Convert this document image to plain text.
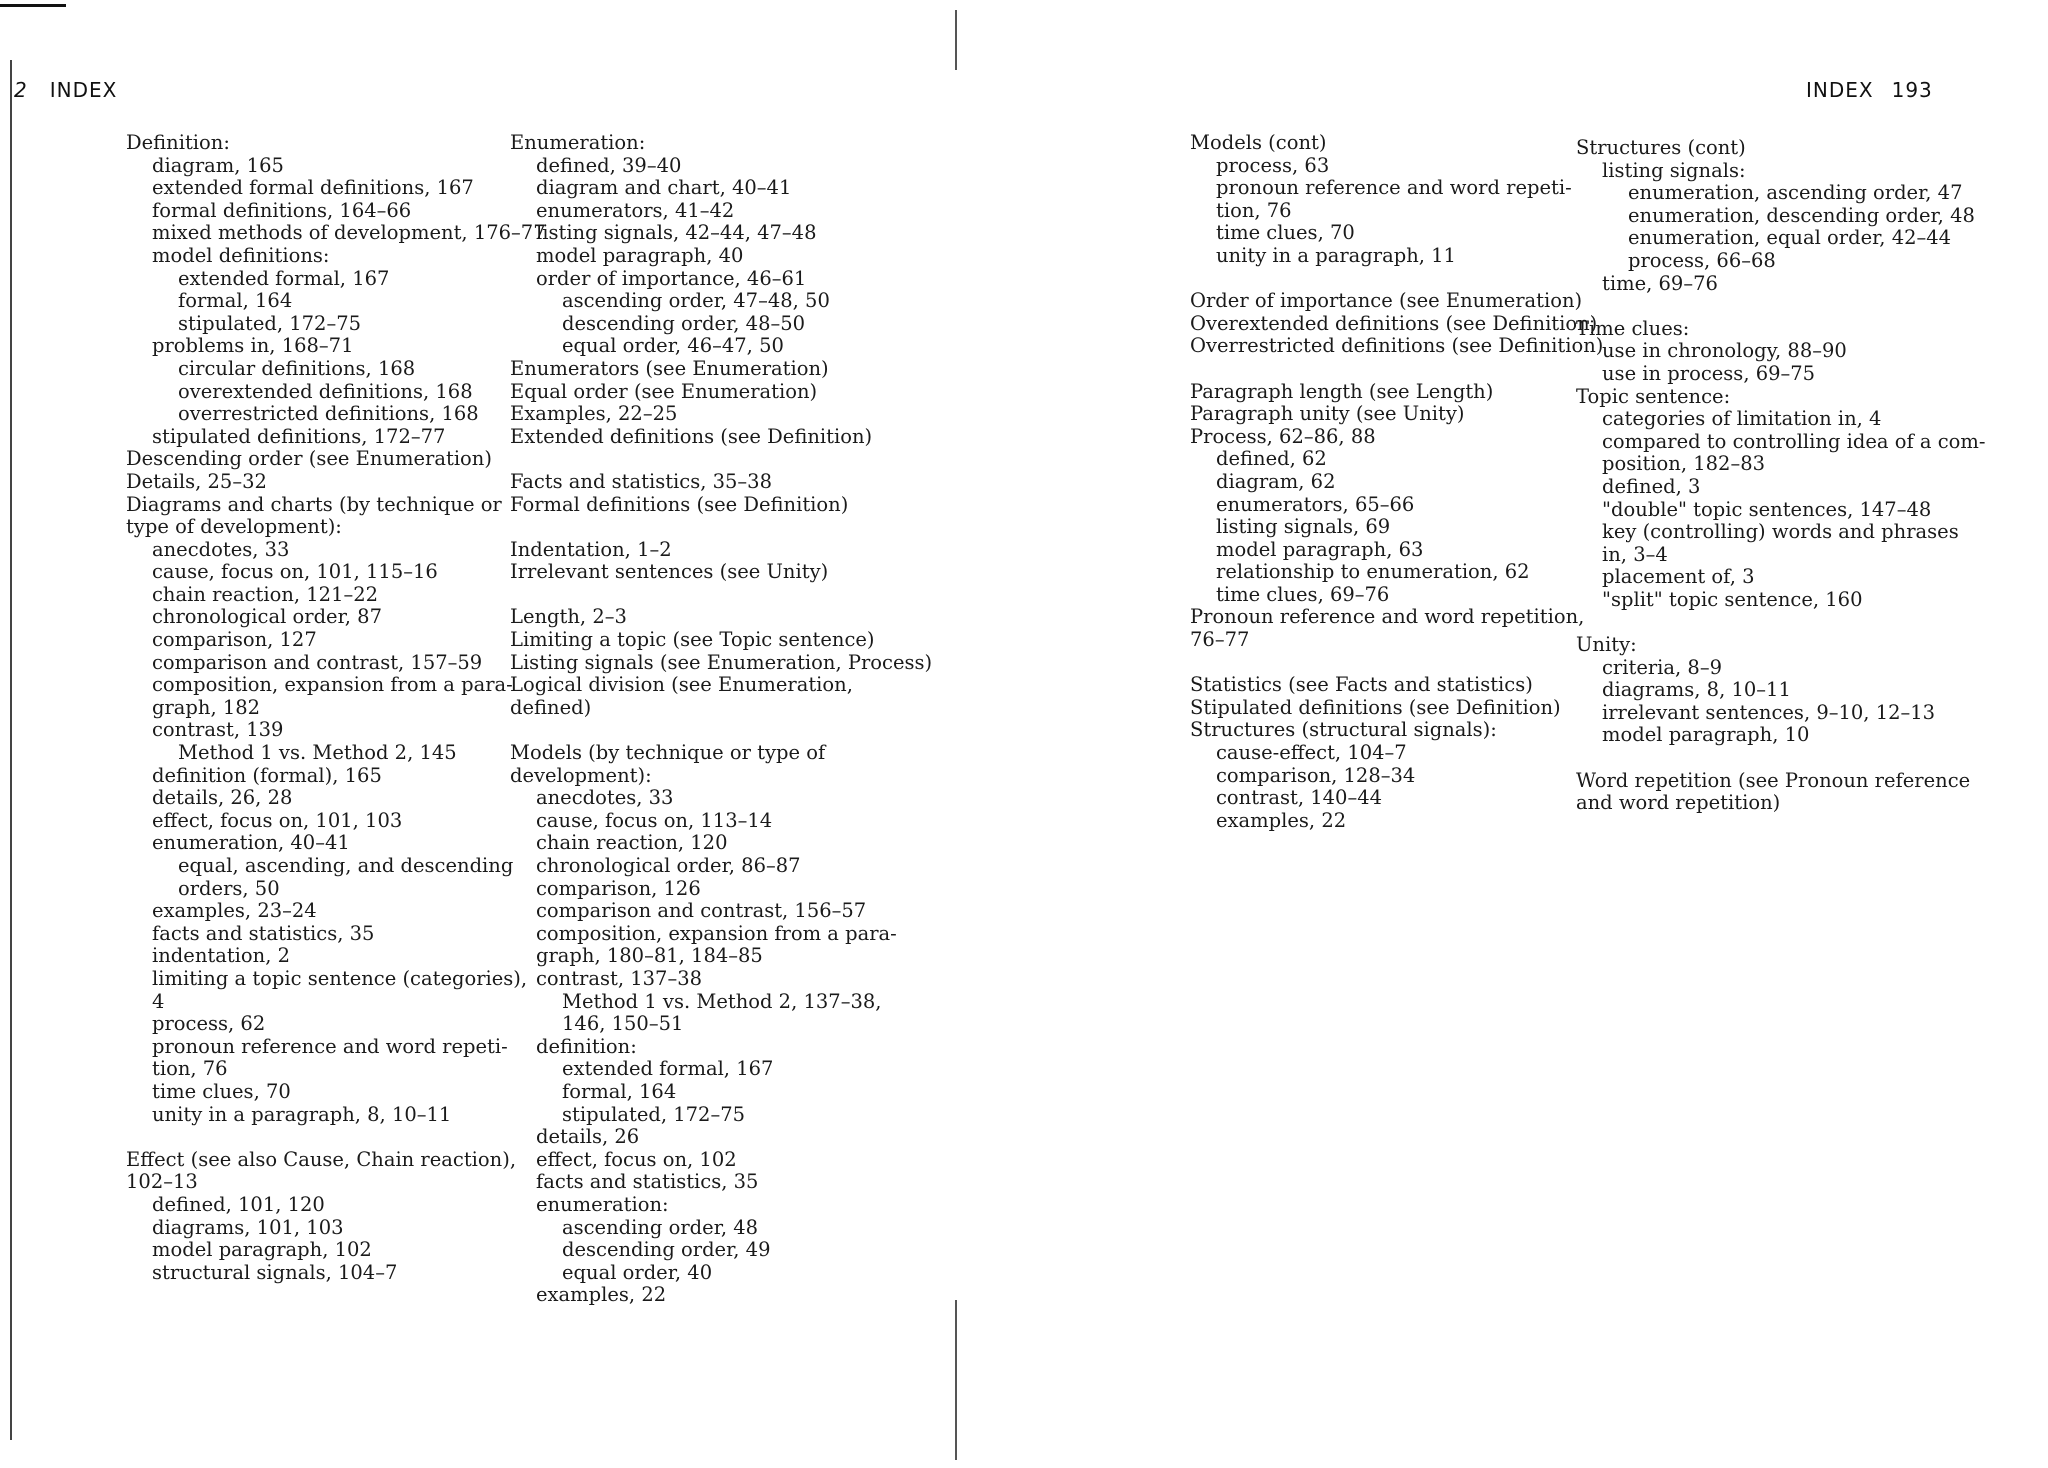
2 INDEX	INDEX 193
Definition:
diagram, 165
extended formal definitions, 167
formal definitions, 164–66
mixed methods of development, 176–77
model definitions:
extended formal, 167
formal, 164
stipulated, 172–75
problems in, 168–71
circular definitions, 168
overextended definitions, 168
overrestricted definitions, 168
stipulated definitions, 172–77
Descending order (see Enumeration)
Details, 25–32
Diagrams and charts (by technique or
type of development):
anecdotes, 33
cause, focus on, 101, 115–16
chain reaction, 121–22
chronological order, 87
comparison, 127
comparison and contrast, 157–59
composition, expansion from a para-
graph, 182
contrast, 139
Method 1 vs. Method 2, 145
definition (formal), 165
details, 26, 28
effect, focus on, 101, 103
enumeration, 40–41
equal, ascending, and descending
orders, 50
examples, 23–24
facts and statistics, 35
indentation, 2
limiting a topic sentence (categories),
4
process, 62
pronoun reference and word repeti-
tion, 76
time clues, 70
unity in a paragraph, 8, 10–11
Effect (see also Cause, Chain reaction),
102–13
defined, 101, 120
diagrams, 101, 103
model paragraph, 102
structural signals, 104–7
Enumeration:
defined, 39–40
diagram and chart, 40–41
enumerators, 41–42
listing signals, 42–44, 47–48
model paragraph, 40
order of importance, 46–61
ascending order, 47–48, 50
descending order, 48–50
equal order, 46–47, 50
Enumerators (see Enumeration)
Equal order (see Enumeration)
Examples, 22–25
Extended definitions (see Definition)
Facts and statistics, 35–38
Formal definitions (see Definition)
Indentation, 1–2
Irrelevant sentences (see Unity)
Length, 2–3
Limiting a topic (see Topic sentence)
Listing signals (see Enumeration, Process)
Logical division (see Enumeration,
defined)
Models (by technique or type of
development):
anecdotes, 33
cause, focus on, 113–14
chain reaction, 120
chronological order, 86–87
comparison, 126
comparison and contrast, 156–57
composition, expansion from a para-
graph, 180–81, 184–85
contrast, 137–38
Method 1 vs. Method 2, 137–38,
146, 150–51
definition:
extended formal, 167
formal, 164
stipulated, 172–75
details, 26
effect, focus on, 102
facts and statistics, 35
enumeration:
ascending order, 48
descending order, 49
equal order, 40
examples, 22
Models (cont)
process, 63
pronoun reference and word repeti-
tion, 76
time clues, 70
unity in a paragraph, 11
Order of importance (see Enumeration)
Overextended definitions (see Definition)
Overrestricted definitions (see Definition)
Paragraph length (see Length)
Paragraph unity (see Unity)
Process, 62–86, 88
defined, 62
diagram, 62
enumerators, 65–66
listing signals, 69
model paragraph, 63
relationship to enumeration, 62
time clues, 69–76
Pronoun reference and word repetition,
76–77
Statistics (see Facts and statistics)
Stipulated definitions (see Definition)
Structures (structural signals):
cause-effect, 104–7
comparison, 128–34
contrast, 140–44
examples, 22
Structures (cont)
listing signals:
enumeration, ascending order, 47
enumeration, descending order, 48
enumeration, equal order, 42–44
process, 66–68
time, 69–76
Time clues:
use in chronology, 88–90
use in process, 69–75
Topic sentence:
categories of limitation in, 4
compared to controlling idea of a com-
position, 182–83
defined, 3
"double" topic sentences, 147–48
key (controlling) words and phrases
in, 3–4
placement of, 3
"split" topic sentence, 160
Unity:
criteria, 8–9
diagrams, 8, 10–11
irrelevant sentences, 9–10, 12–13
model paragraph, 10
Word repetition (see Pronoun reference
and word repetition)
